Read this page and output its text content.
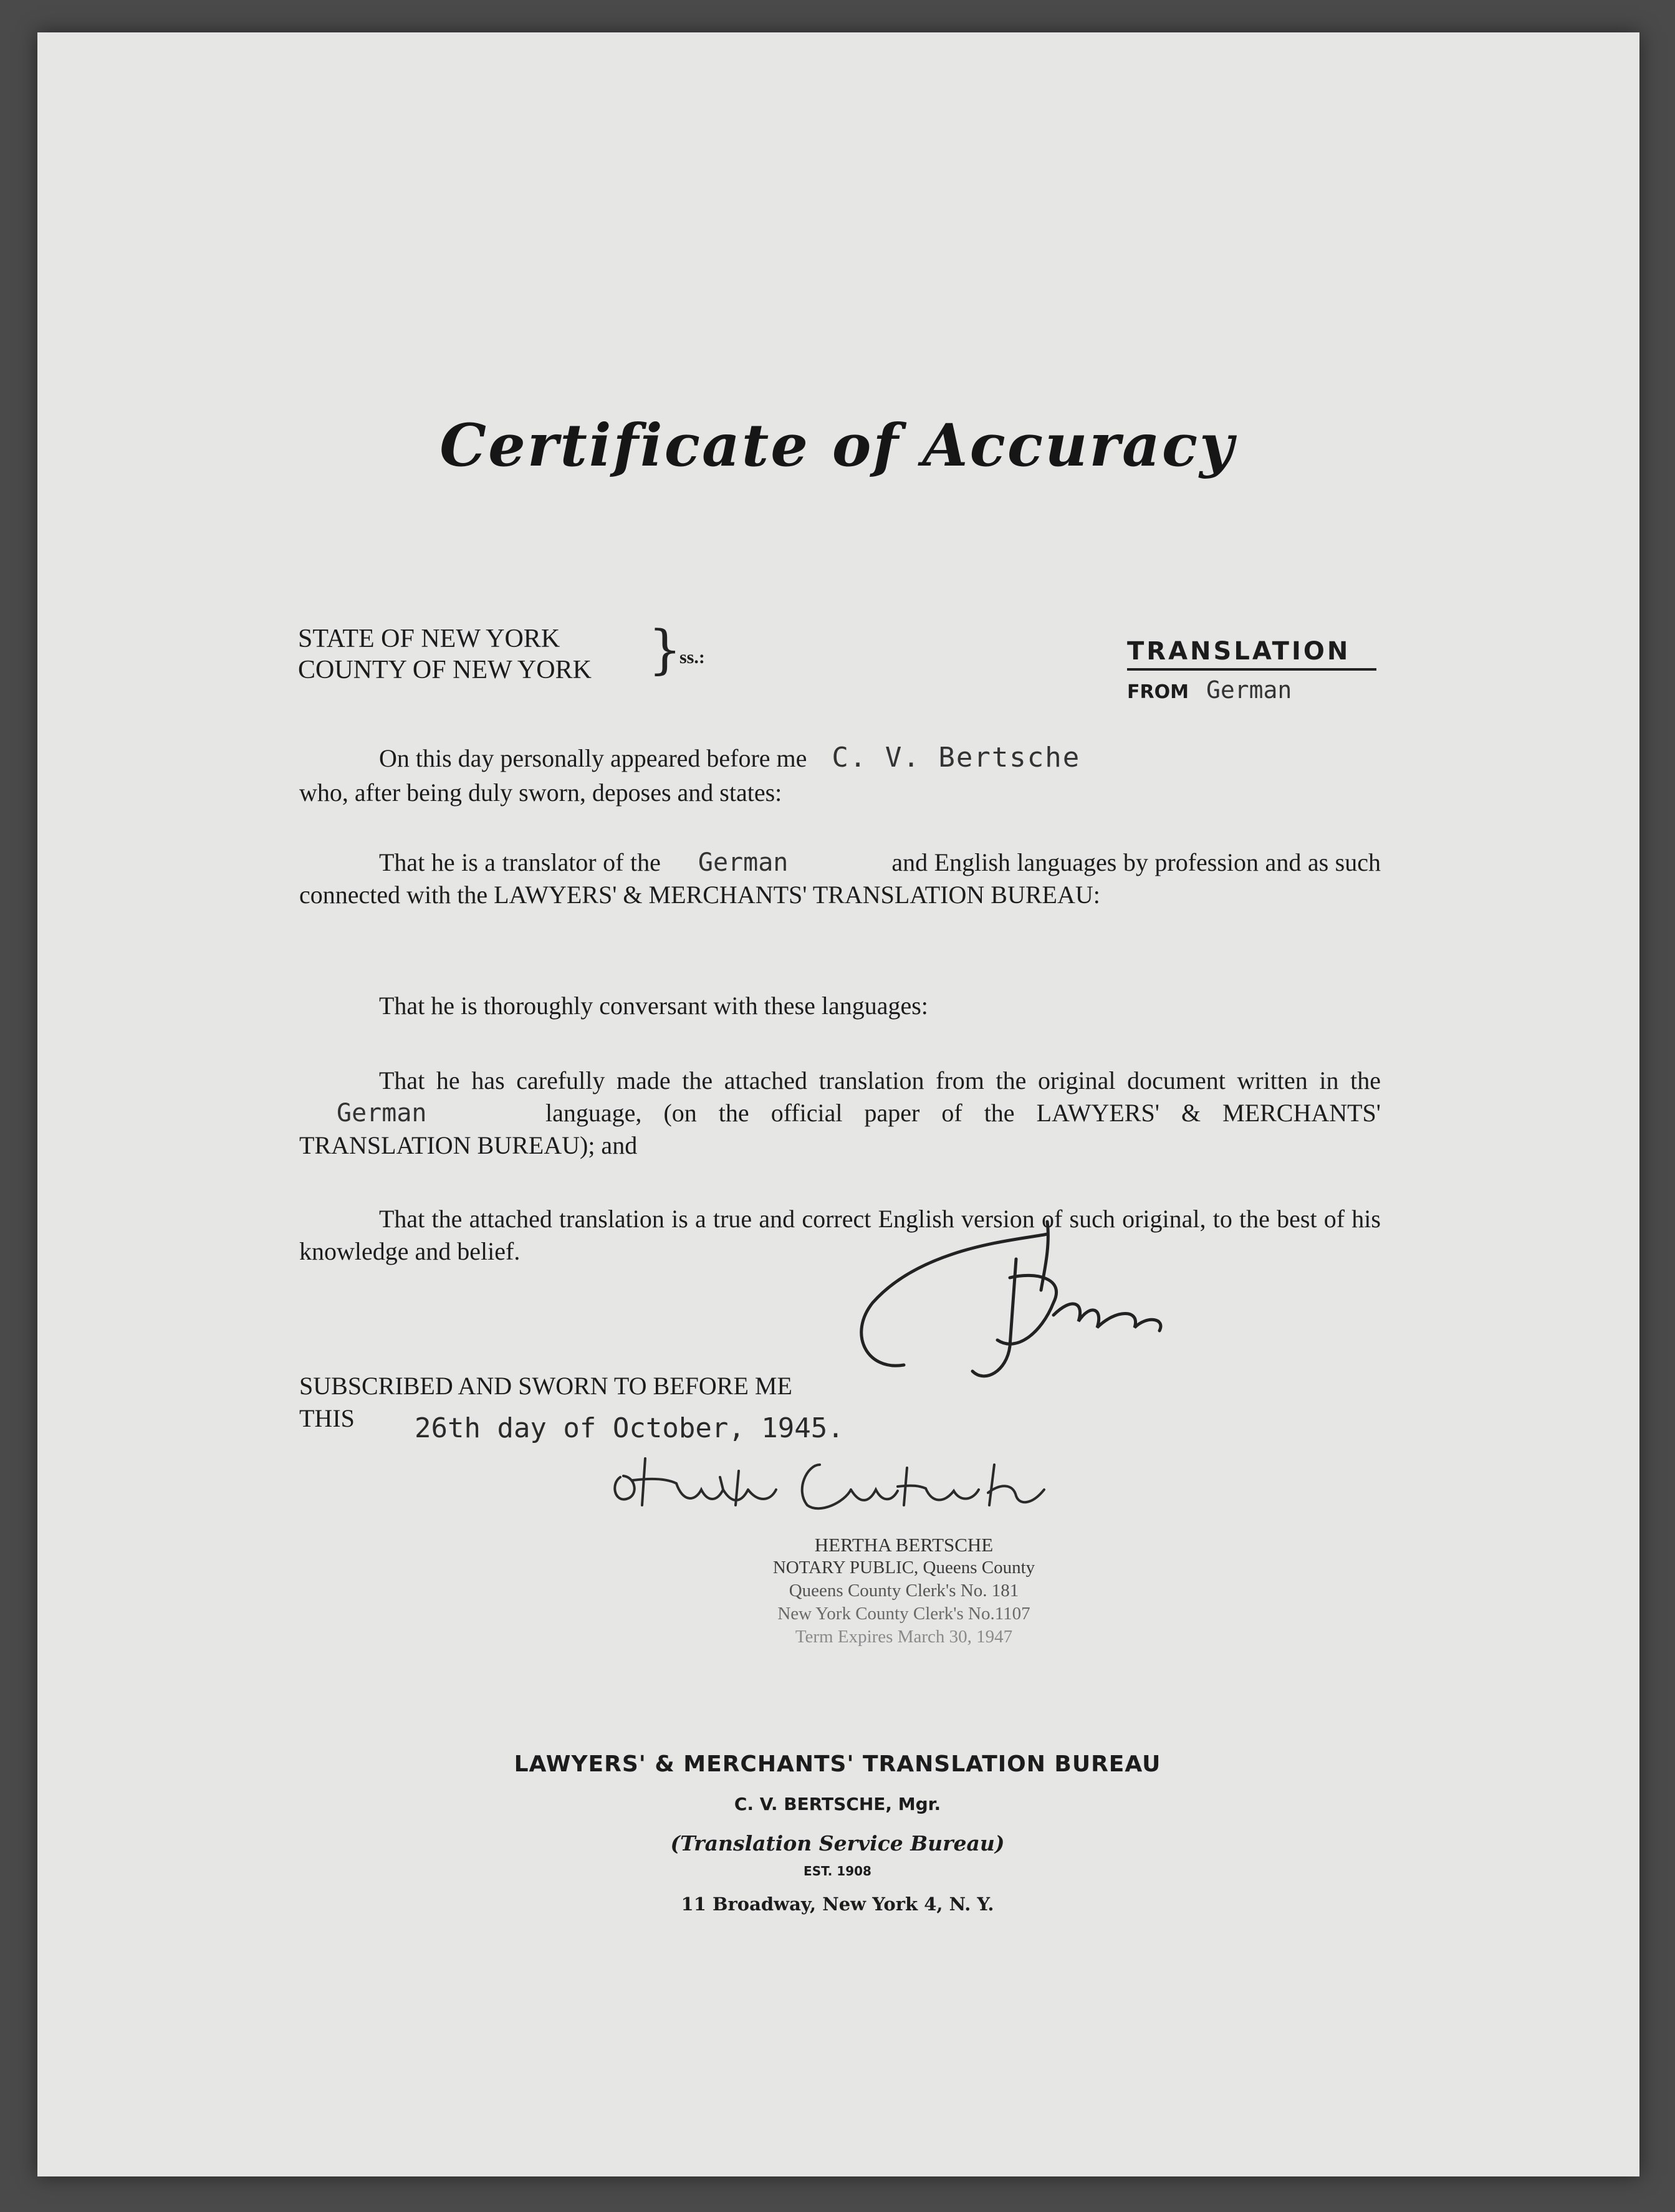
Certificate of Accuracy
STATE OF NEW YORK
COUNTY OF NEW YORK }
ss.:	TRANSLATION
FROM German
On this day personally appeared before me C. V. Bertsche
who, after being duly sworn, deposes and states:
That he is a translator of the German	and English languages by profession and as such connected with the LAWYERS' & MERCHANTS' TRANSLATION BUREAU:
That he is thoroughly conversant with these languages:
That he has carefully made the attached translation from the original document written in theGerman	language, (on the official paper of the LAWYERS' & MERCHANTS' TRANSLATION BUREAU); and
That the attached translation is a true and correct English version of such original, to the best of his knowledge and belief.
SUBSCRIBED AND SWORN TO BEFORE ME
THIS 26th day of October, 1945.
HERTHA BERTSCHE
NOTARY PUBLIC, Queens County
Queens County Clerk's No. 181
New York County Clerk's No.1107
Term Expires March 30, 1947
LAWYERS' & MERCHANTS' TRANSLATION BUREAU
C. V. BERTSCHE, Mgr.
(Translation Service Bureau)
EST. 1908
11 Broadway, New York 4, N. Y.
